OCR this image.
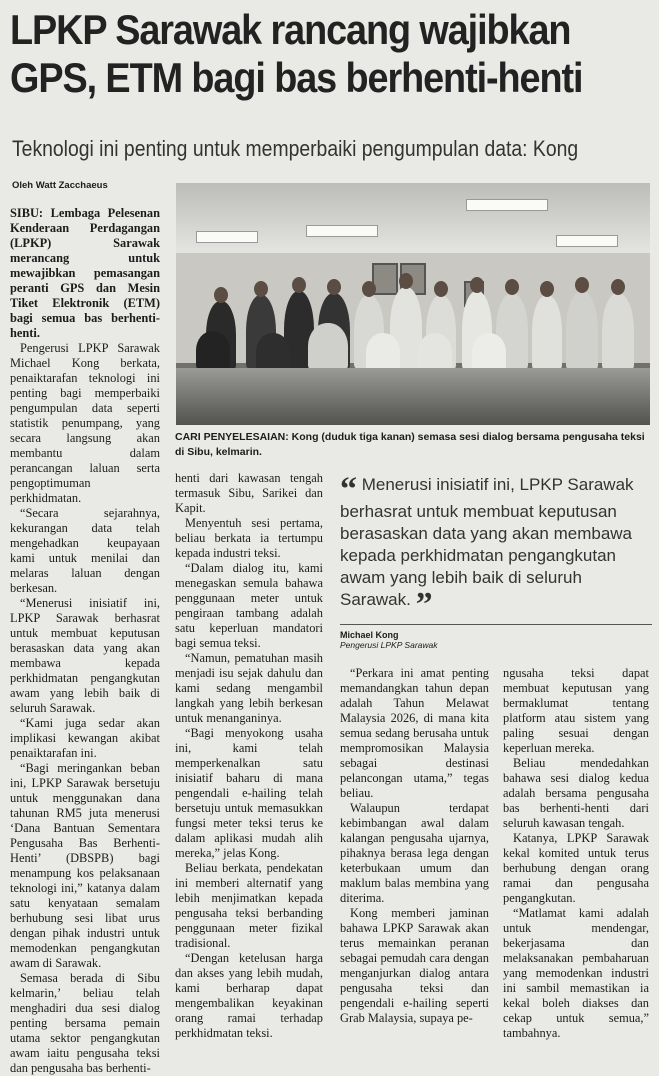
LPKP Sarawak rancang wajibkan
GPS, ETM bagi bas berhenti-henti
Teknologi ini penting untuk memperbaiki pengumpulan data: Kong
Oleh Watt Zacchaeus
CARI PENYELESAIAN: Kong (duduk tiga kanan) semasa sesi dialog bersama pengusaha teksi di Sibu, kelmarin.

SIBU: Lembaga Pelesenan Kenderaan Perdagangan (LPKP) Sarawak merancang untuk mewajibkan pemasangan peranti GPS dan Mesin Tiket Elektronik (ETM) bagi semua bas berhenti-henti.

Pengerusi LPKP Sarawak Michael Kong berkata, penaiktarafan teknologi ini penting bagi memperbaiki pengumpulan data seperti statistik penumpang, yang secara langsung akan membantu dalam perancangan laluan serta pengoptimuman perkhidmatan.

“Secara sejarahnya, kekurangan data telah mengehadkan keupayaan kami untuk menilai dan melaras laluan dengan berkesan.

“Menerusi inisiatif ini, LPKP Sarawak berhasrat untuk membuat keputusan berasaskan data yang akan membawa kepada perkhidmatan pengangkutan awam yang lebih baik di seluruh Sarawak.

“Kami juga sedar akan implikasi kewangan akibat penaiktarafan ini.

“Bagi meringankan beban ini, LPKP Sarawak bersetuju untuk menggunakan dana tahunan RM5 juta menerusi ‘Dana Bantuan Sementara Pengusaha Bas Berhenti-Henti’ (DBSPB) bagi menampung kos pelaksanaan teknologi ini,” katanya dalam satu kenyataan semalam berhubung sesi libat urus dengan pihak industri untuk memodenkan pengangkutan awam di Sarawak.

Semasa berada di Sibu kelmarin,’ beliau telah menghadiri dua sesi dialog penting bersama pemain utama sektor pengangkutan awam iaitu pengusaha teksi dan pengusaha bas berhenti-

henti dari kawasan tengah termasuk Sibu, Sarikei dan Kapit.

Menyentuh sesi pertama, beliau berkata ia tertumpu kepada industri teksi.

“Dalam dialog itu, kami menegaskan semula bahawa penggunaan meter untuk pengiraan tambang adalah satu keperluan mandatori bagi semua teksi.

“Namun, pematuhan masih menjadi isu sejak dahulu dan kami sedang mengambil langkah yang lebih berkesan untuk menanganinya.

“Bagi menyokong usaha ini, kami telah memperkenalkan satu inisiatif baharu di mana pengendali e-hailing telah bersetuju untuk memasukkan fungsi meter teksi terus ke dalam aplikasi mudah alih mereka,” jelas Kong.

Beliau berkata, pendekatan ini memberi alternatif yang lebih menjimatkan kepada pengusaha teksi berbanding penggunaan meter fizikal tradisional.

“Dengan ketelusan harga dan akses yang lebih mudah, kami berharap dapat mengembalikan keyakinan orang ramai terhadap perkhidmatan teksi.

“ Menerusi inisiatif ini, LPKP Sarawak berhasrat untuk membuat keputusan berasaskan data yang akan membawa kepada perkhidmatan pengangkutan awam yang lebih baik di seluruh Sarawak. ”
Michael Kong
Pengerusi LPKP Sarawak

“Perkara ini amat penting memandangkan tahun depan adalah Tahun Melawat Malaysia 2026, di mana kita semua sedang berusaha untuk mempromosikan Malaysia sebagai destinasi pelancongan utama,” tegas beliau.

Walaupun terdapat kebimbangan awal dalam kalangan pengusaha ujarnya, pihaknya berasa lega dengan keterbukaan umum dan maklum balas membina yang diterima.

Kong memberi jaminan bahawa LPKP Sarawak akan terus memainkan peranan sebagai pemudah cara dengan menganjurkan dialog antara pengusaha teksi dan pengendali e-hailing seperti Grab Malaysia, supaya pe-

ngusaha teksi dapat membuat keputusan yang bermaklumat tentang platform atau sistem yang paling sesuai dengan keperluan mereka.

Beliau mendedahkan bahawa sesi dialog kedua adalah bersama pengusaha bas berhenti-henti dari seluruh kawasan tengah.

Katanya, LPKP Sarawak kekal komited untuk terus berhubung dengan orang ramai dan pengusaha pengangkutan.

“Matlamat kami adalah untuk mendengar, bekerjasama dan melaksanakan pembaharuan yang memodenkan industri ini sambil memastikan ia kekal boleh diakses dan cekap untuk semua,” tambahnya.
